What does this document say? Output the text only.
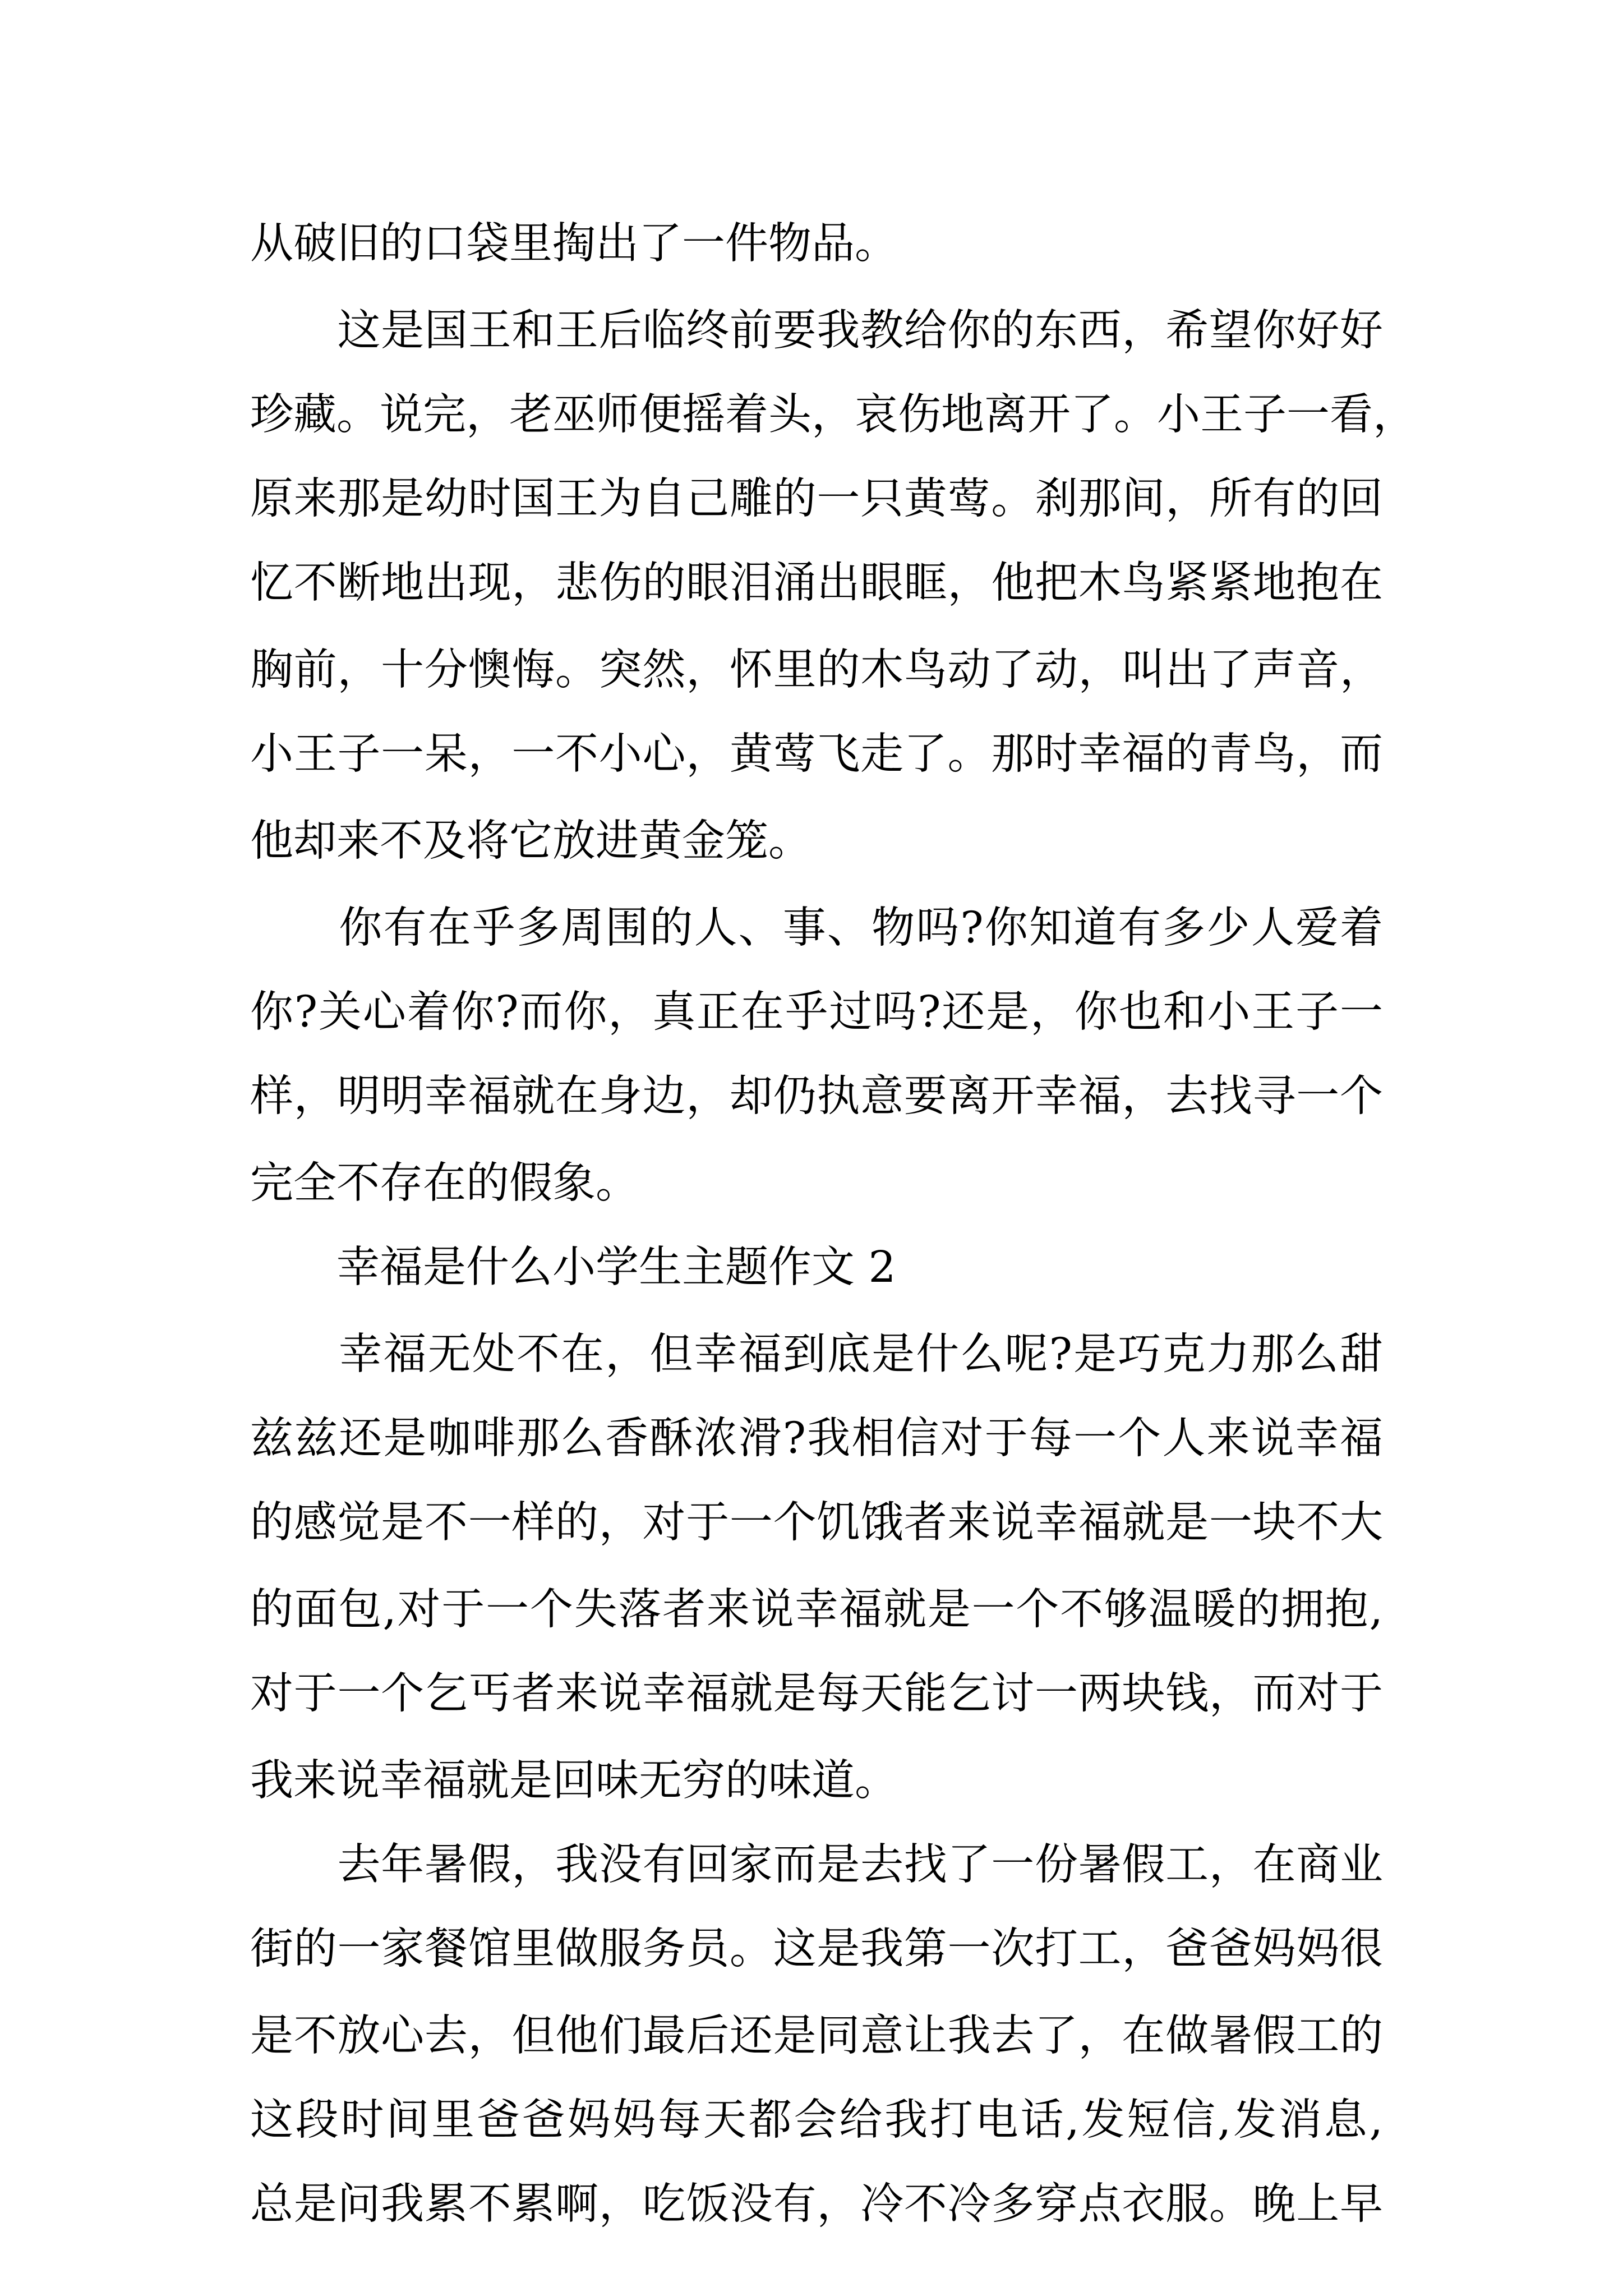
从破旧的口袋里掏出了一件物品。
　　这是国王和王后临终前要我教给你的东西，希望你好好
珍藏。说完，老巫师便摇着头，哀伤地离开了。小王子一看，
原来那是幼时国王为自己雕的一只黄莺。刹那间，所有的回
忆不断地出现，悲伤的眼泪涌出眼眶，他把木鸟紧紧地抱在
胸前，十分懊悔。突然，怀里的木鸟动了动，叫出了声音，
小王子一呆，一不小心，黄莺飞走了。那时幸福的青鸟，而
他却来不及将它放进黄金笼。
　　你有在乎多周围的人、事、物吗?你知道有多少人爱着
你?关心着你?而你，真正在乎过吗?还是，你也和小王子一
样，明明幸福就在身边，却仍执意要离开幸福，去找寻一个
完全不存在的假象。
　　幸福是什么小学生主题作文 2
　　幸福无处不在，但幸福到底是什么呢?是巧克力那么甜
兹兹还是咖啡那么香酥浓滑?我相信对于每一个人来说幸福
的感觉是不一样的，对于一个饥饿者来说幸福就是一块不大
的面包,对于一个失落者来说幸福就是一个不够温暖的拥抱,
对于一个乞丐者来说幸福就是每天能乞讨一两块钱，而对于
我来说幸福就是回味无穷的味道。
　　去年暑假，我没有回家而是去找了一份暑假工，在商业
街的一家餐馆里做服务员。这是我第一次打工，爸爸妈妈很
是不放心去，但他们最后还是同意让我去了，在做暑假工的
这段时间里爸爸妈妈每天都会给我打电话,发短信,发消息,
总是问我累不累啊，吃饭没有，冷不冷多穿点衣服。晚上早
